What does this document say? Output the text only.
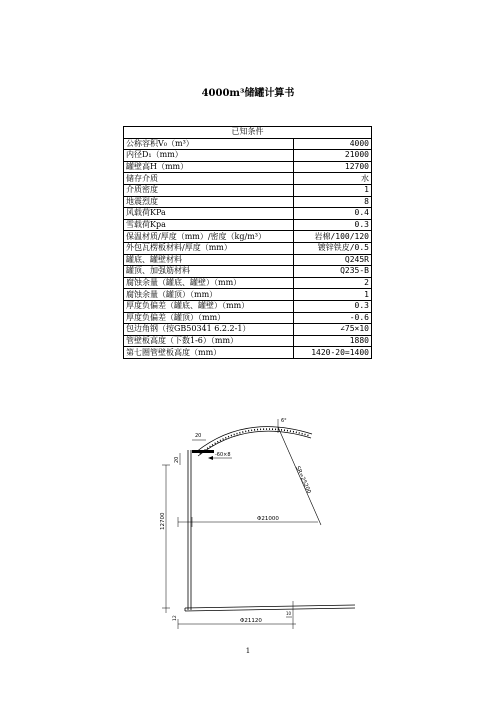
4000m³储罐计算书
已知条件	
公称容积V₀（m³）	4000
内径D₁（mm）	21000
罐壁高H（mm）	12700
储存介质	水
介质密度	1
地震烈度	8
风载荷KPa	0.4
雪载荷Kpa	0.3
保温材质/厚度（mm）/密度（kg/m³）	岩棉/100/120
外包瓦楞板材料/厚度（mm）	镀锌铁皮/0.5
罐底、罐壁材料	Q245R
罐顶、加强筋材料	Q235-B
腐蚀余量（罐底、罐壁）（mm）	2
腐蚀余量（罐顶）（mm）	1
厚度负偏差（罐底、罐壁）（mm）	0.3
厚度负偏差（罐顶）（mm）	-0.6
包边角钢（按GB50341 6.2.2-1）	∠75×10
管壁板高度（下数1-6）（mm）	1880
第七圈管壁板高度（mm）	1420-20=1400
6°
SR=25200
20
20
-60×8
12700	Φ21000
Φ21120
12
10
1
